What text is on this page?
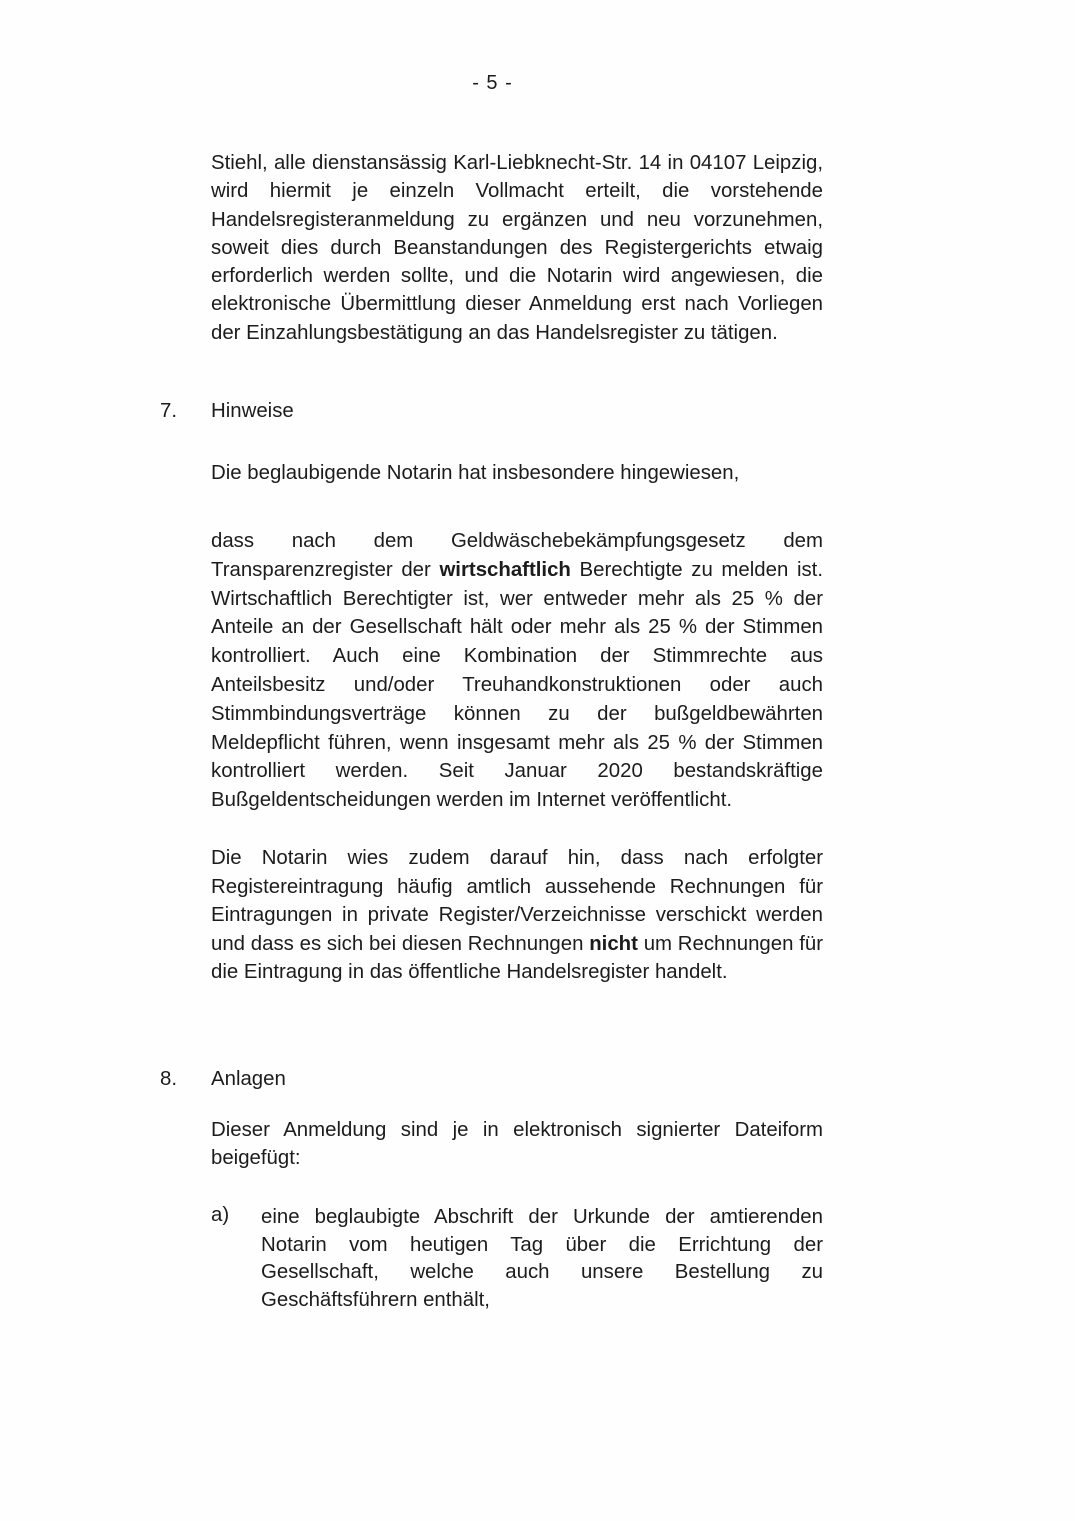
- 5 -

Stiehl, alle dienstansässig Karl-Liebknecht-Str. 14 in 04107 Leipzig, wird hiermit je einzeln Vollmacht erteilt, die vorstehende Handelsregisteranmeldung zu ergänzen und neu vorzunehmen, soweit dies durch Beanstandungen des Registergerichts etwaig erforderlich werden sollte, und die Notarin wird angewiesen, die elektronische Übermittlung dieser Anmeldung erst nach Vorliegen der Einzahlungsbestätigung an das Handelsregister zu tätigen.

7. Hinweise

Die beglaubigende Notarin hat insbesondere hingewiesen,

dass nach dem Geldwäschebekämpfungsgesetz dem Transparenzregister der wirtschaftlich Berechtigte zu melden ist. Wirtschaftlich Berechtigter ist, wer entweder mehr als 25 % der Anteile an der Gesellschaft hält oder mehr als 25 % der Stimmen kontrolliert. Auch eine Kombination der Stimmrechte aus Anteilsbesitz und/oder Treuhandkonstruktionen oder auch Stimmbindungsverträge können zu der bußgeldbewährten Meldepflicht führen, wenn insgesamt mehr als 25 % der Stimmen kontrolliert werden. Seit Januar 2020 bestandskräftige Bußgeldentscheidungen werden im Internet veröffentlicht.

Die Notarin wies zudem darauf hin, dass nach erfolgter Registereintragung häufig amtlich aussehende Rechnungen für Eintragungen in private Register/Verzeichnisse verschickt werden und dass es sich bei diesen Rechnungen nicht um Rechnungen für die Eintragung in das öffentliche Handelsregister handelt.

8. Anlagen

Dieser Anmeldung sind je in elektronisch signierter Dateiform beigefügt:

a) eine beglaubigte Abschrift der Urkunde der amtierenden Notarin vom heutigen Tag über die Errichtung der Gesellschaft, welche auch unsere Bestellung zu Geschäftsführern enthält,
